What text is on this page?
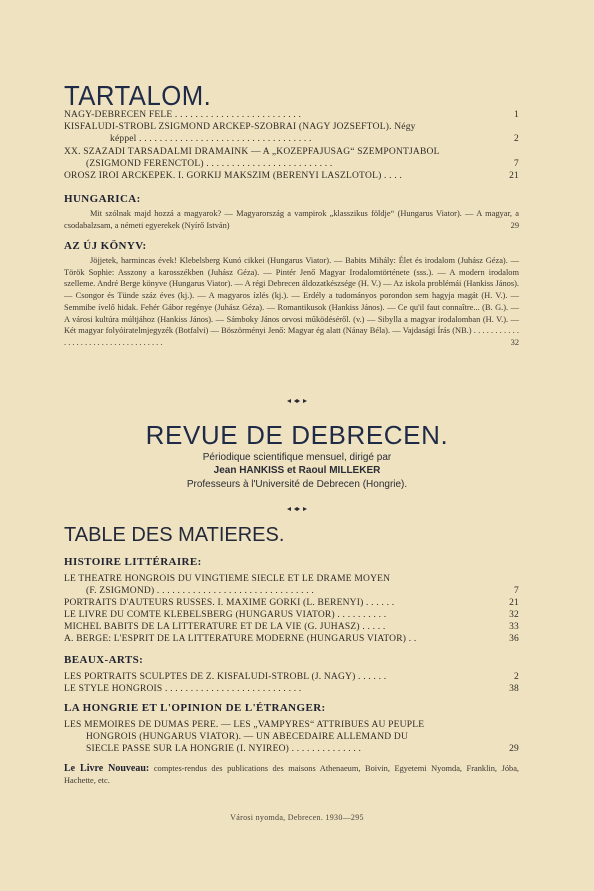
TARTALOM.
NAGY-DEBRECEN FELÉ . . . . . . . . . . . . . . . . . . . . . . . . .	1
KISFALUDI-STROBL ZSIGMOND ARCKÉP-SZOBRAI (NAGY JÓZSEFTŐL). Négy
képpel . . . . . . . . . . . . . . . . . . . . . . . . . . . . . . . . . .	2
XX. SZÁZADI TÁRSADALMI DRÁMÁINK — A „KÖZÉPFAJÚSÁG“ SZEMPONTJÁBÓL
(ZSIGMOND FERENCTŐL) . . . . . . . . . . . . . . . . . . . . . . . . .	7
OROSZ ÍRÓI ARCKÉPEK. I. GORKIJ MAKSZIM (BERÉNYI LÁSZLÓTÓL) . . . .	21
HUNGARICA:
Mit szólnak majd hozzá a magyarok? — Magyarország a vampirok „klasszikus földje“ (Hungarus Viator). — A magyar, a csodabalzsam, a németi egyerekek (Nyírő István)	29
AZ ÚJ KÖNYV:
Jöjjetek, harmincas évek! Klebelsberg Kunó cikkei (Hungarus Viator). — Babits Mihály: Élet és irodalom (Juhász Géza). — Török Sophie: Asszony a karosszékben (Juhász Géza). — Pintér Jenő Magyar Irodalomtörténete (sss.). — A modern irodalom szelleme. André Berge könyve (Hungarus Viator). — A régi Debrecen áldozatkészsége (H. V.) — Az iskola problémái (Hankiss János). — Csongor és Tünde száz éves (kj.). — A magyaros ízlés (kj.). — Erdély a tudományos porondon sem hagyja magát (H. V.). — Semmibe ívelő hidak. Fehér Gábor regénye (Juhász Géza). — Romantikusok (Hankiss János). — Ce qu'il faut connaître... (B. G.). — A városi kultúra múltjához (Hankiss János). — Sámboky János orvosi működéséről. (v.) — Sibylla a magyar irodalomban (H. V.). — Két magyar folyóiratelmjegyzék (Botfalvi) — Böszörményi Jenő: Magyar ég alatt (Nánay Béla). — Vajdasági Írás (NB.) . . . . . . . . . . . . . . . . . . . . . . . . . . . . . . . . . . .	32
REVUE DE DEBRECEN.
Périodique scientifique mensuel, dirigé par
Jean HANKISS et Raoul MILLEKER
Professeurs à l'Université de Debrecen (Hongrie).
TABLE DES MATIERES.
HISTOIRE LITTÉRAIRE:
LE THÉATRE HONGROIS DU VINGTIEME SIECLE ET LE DRAME MOYEN
(F. ZSIGMOND) . . . . . . . . . . . . . . . . . . . . . . . . . . . . . . .	7
PORTRAITS D'AUTEURS RUSSES. I. MAXIME GORKI (L. BERÉNYI) . . . . . .	21
LE LIVRE DU COMTE KLEBELSBERG (HUNGARUS VIATOR) . . . . . . . . . .	32
MICHEL BABITS DE LA LITTÉRATURE ET DE LA VIE (G. JUHÁSZ) . . . . .	33
A. BERGE: L'ESPRIT DE LA LITTÉRATURE MODERNE (HUNGARUS VIATOR) . .	36
BEAUX-ARTS:
LES PORTRAITS SCULPTÉS DE Z. KISFALUDI-STROBL (J. NAGY) . . . . . .	2
LE STYLE HONGROIS . . . . . . . . . . . . . . . . . . . . . . . . . . .	38
LA HONGRIE ET L'OPINION DE L'ÉTRANGER:
LES MÉMOIRES DE DUMAS PERE. — LES „VAMPYRES“ ATTRIBUÉS AU PEUPLE
HONGROIS (HUNGARUS VIATOR). — UN ABÉCÉDAIRE ALLEMAND DU
SIÈCLE PASSÉ SUR LA HONGRIE (I. NYIRÉŐ) . . . . . . . . . . . . . .	29
Le Livre Nouveau: comptes-rendus des publications des maisons Athenaeum, Boivin, Egyetemi Nyomda, Franklin, Jóba, Hachette, etc.
Városi nyomda, Debrecen. 1930—295
